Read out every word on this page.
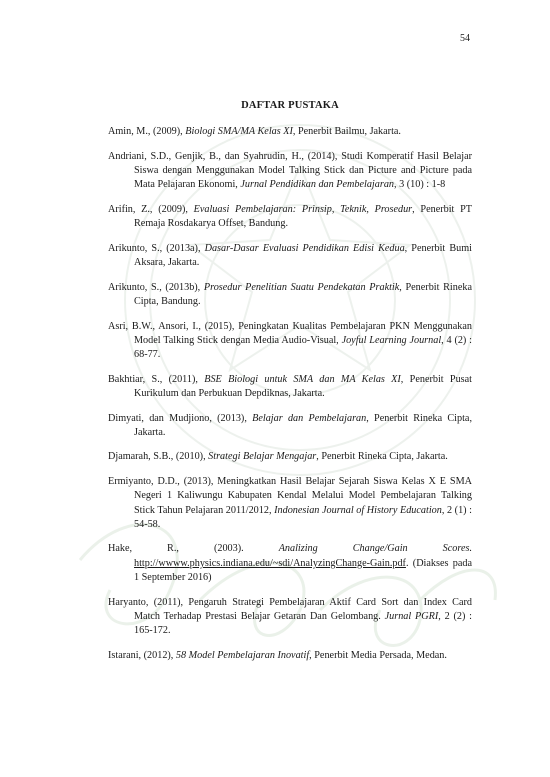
54
DAFTAR PUSTAKA

Amin, M., (2009), Biologi SMA/MA Kelas XI, Penerbit Bailmu, Jakarta.

Andriani, S.D., Genjik, B., dan Syahrudin, H., (2014), Studi Komperatif Hasil Belajar Siswa dengan Menggunakan Model Talking Stick dan Picture and Picture pada Mata Pelajaran Ekonomi, Jurnal Pendidikan dan Pembelajaran, 3 (10) : 1-8

Arifin, Z., (2009), Evaluasi Pembelajaran: Prinsip, Teknik, Prosedur, Penerbit PT Remaja Rosdakarya Offset, Bandung.

Arikunto, S., (2013a), Dasar-Dasar Evaluasi Pendidikan Edisi Kedua, Penerbit Bumi Aksara, Jakarta.

Arikunto, S., (2013b), Prosedur Penelitian Suatu Pendekatan Praktik, Penerbit Rineka Cipta, Bandung.

Asri, B.W., Ansori, I., (2015), Peningkatan Kualitas Pembelajaran PKN Menggunakan Model Talking Stick dengan Media Audio-Visual, Joyful Learning Journal, 4 (2) : 68-77.

Bakhtiar, S., (2011), BSE Biologi untuk SMA dan MA Kelas XI, Penerbit Pusat Kurikulum dan Perbukuan Depdiknas, Jakarta.

Dimyati, dan Mudjiono, (2013), Belajar dan Pembelajaran, Penerbit Rineka Cipta, Jakarta.

Djamarah, S.B., (2010), Strategi Belajar Mengajar, Penerbit Rineka Cipta, Jakarta.

Ermiyanto, D.D., (2013), Meningkatkan Hasil Belajar Sejarah Siswa Kelas X E SMA Negeri 1 Kaliwungu Kabupaten Kendal Melalui Model Pembelajaran Talking Stick Tahun Pelajaran 2011/2012, Indonesian Journal of History Education, 2 (1) : 54-58.

Hake, R., (2003). Analizing Change/Gain Scores. http://wwww.physics.indiana.edu/~sdi/AnalyzingChange-Gain.pdf. (Diakses pada 1 September 2016)

Haryanto, (2011), Pengaruh Strategi Pembelajaran Aktif Card Sort dan Index Card Match Terhadap Prestasi Belajar Getaran Dan Gelombang. Jurnal PGRI, 2 (2) : 165-172.

Istarani, (2012), 58 Model Pembelajaran Inovatif, Penerbit Media Persada, Medan.
